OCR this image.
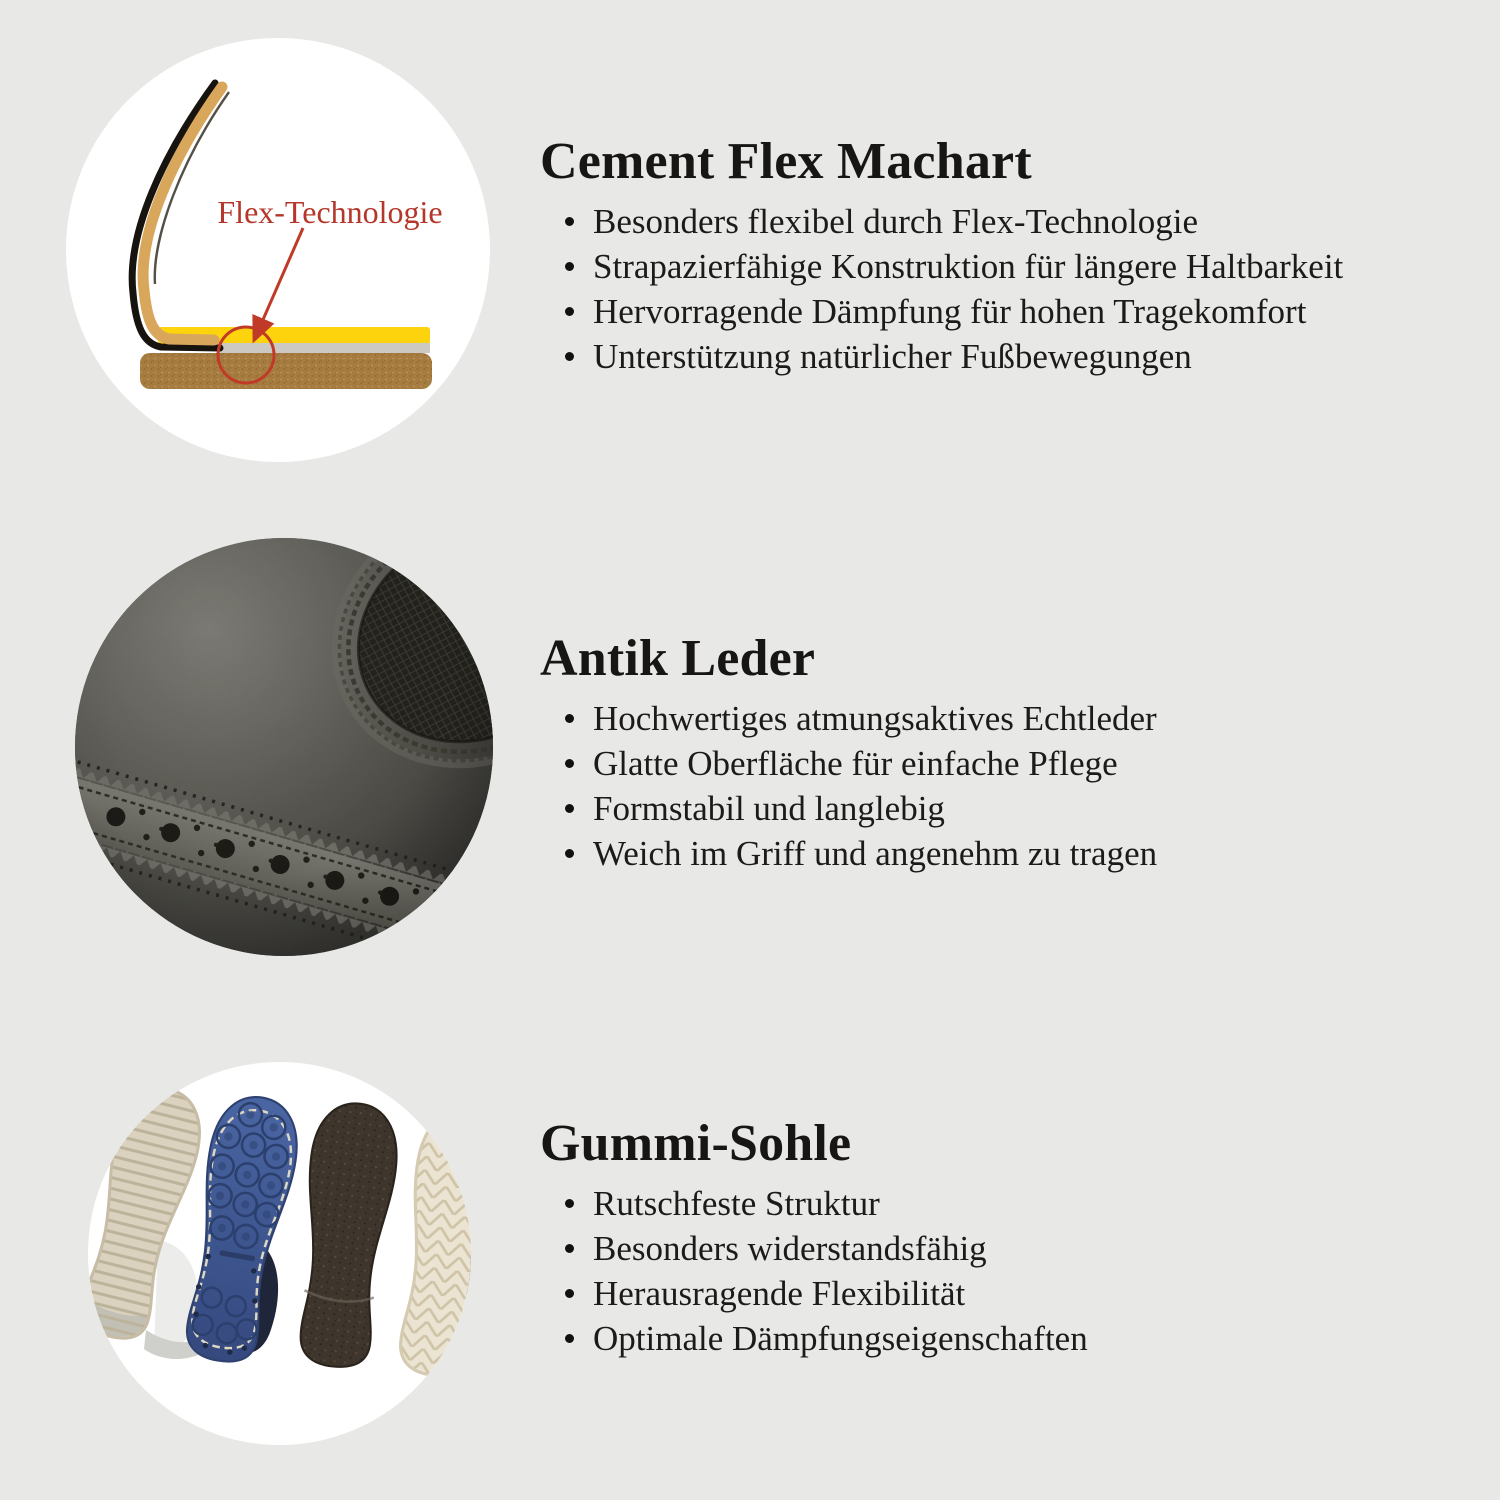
Flex-Technologie
Cement Flex Machart
Besonders flexibel durch Flex-Technologie
Strapazierfähige Konstruktion für längere Haltbarkeit
Hervorragende Dämpfung für hohen Tragekomfort
Unterstützung natürlicher Fußbewegungen
Antik Leder
Hochwertiges atmungsaktives Echtleder
Glatte Oberfläche für einfache Pflege
Formstabil und langlebig
Weich im Griff und angenehm zu tragen
Gummi-Sohle
Rutschfeste Struktur
Besonders widerstandsfähig
Herausragende Flexibilität
Optimale Dämpfungseigenschaften
